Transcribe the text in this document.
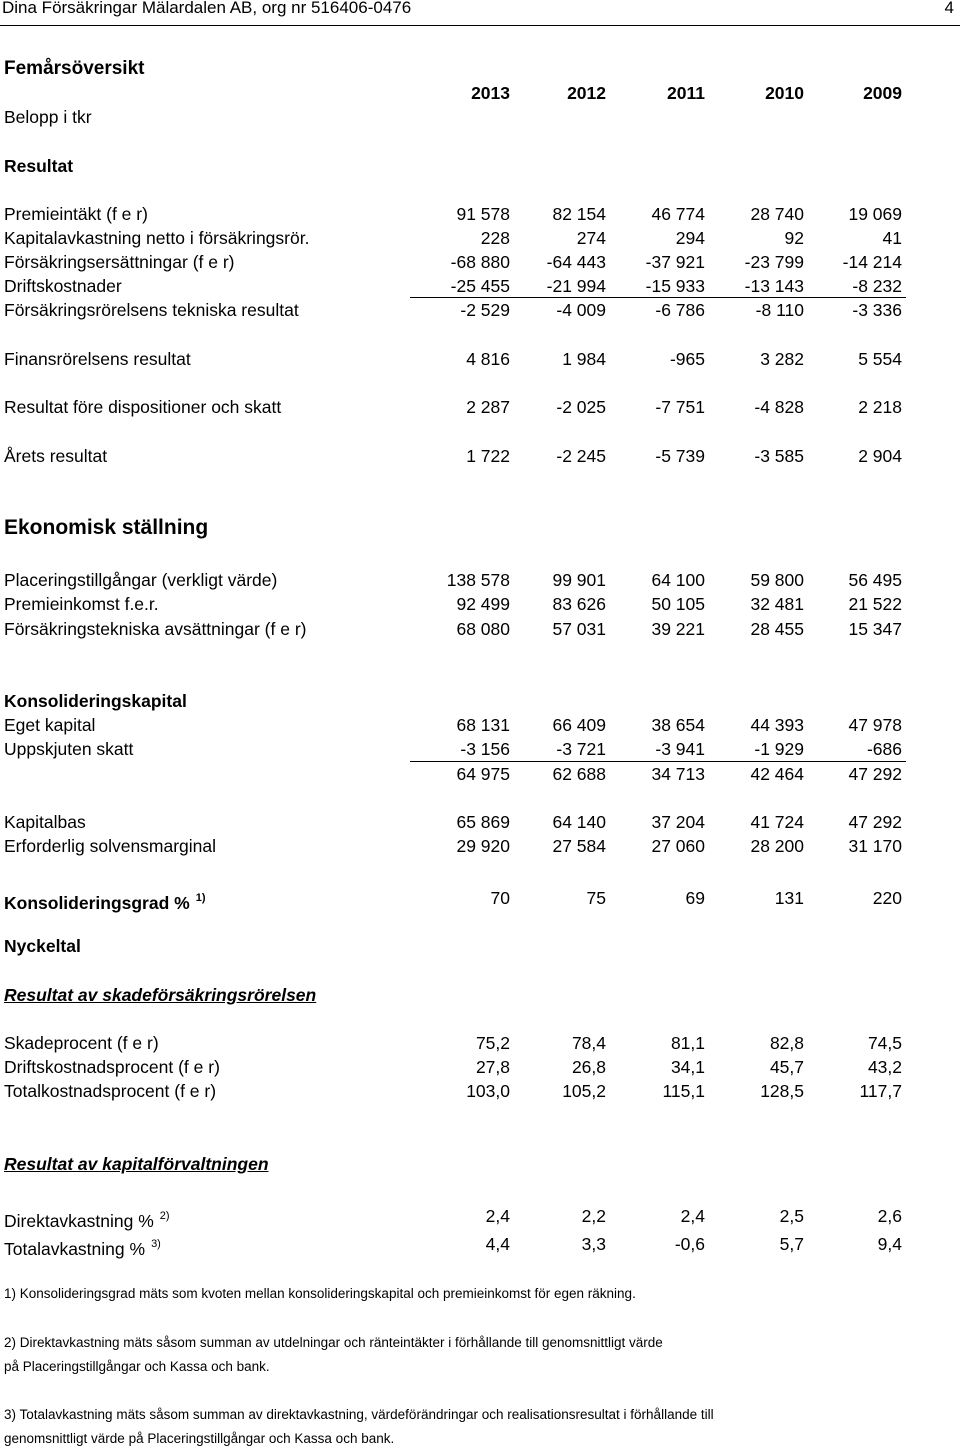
Dina Försäkringar Mälardalen AB, org nr 516406-0476	4
Femårsöversikt
2013	2012	2011	2010	2009
Belopp i tkr
Resultat
Premieintäkt (f e r)	91 578	82 154	46 774	28 740	19 069
Kapitalavkastning netto i försäkringsrör.	228	274	294	92	41
Försäkringsersättningar (f e r)	-68 880	-64 443	-37 921	-23 799	-14 214
Driftskostnader	-25 455	-21 994	-15 933	-13 143	-8 232
Försäkringsrörelsens tekniska resultat	-2 529	-4 009	-6 786	-8 110	-3 336
Finansrörelsens resultat	4 816	1 984	-965	3 282	5 554
Resultat före dispositioner och skatt	2 287	-2 025	-7 751	-4 828	2 218
Årets resultat	1 722	-2 245	-5 739	-3 585	2 904
Ekonomisk ställning
Placeringstillgångar (verkligt värde)	138 578	99 901	64 100	59 800	56 495
Premieinkomst f.e.r.	92 499	83 626	50 105	32 481	21 522
Försäkringstekniska avsättningar (f e r)	68 080	57 031	39 221	28 455	15 347
Konsolideringskapital
Eget kapital	68 131	66 409	38 654	44 393	47 978
Uppskjuten skatt	-3 156	-3 721	-3 941	-1 929	-686
64 975	62 688	34 713	42 464	47 292
Kapitalbas	65 869	64 140	37 204	41 724	47 292
Erforderlig solvensmarginal	29 920	27 584	27 060	28 200	31 170
Konsolideringsgrad % $^{1)}$	70	75	69	131	220
Nyckeltal
Resultat av skadeförsäkringsrörelsen
Skadeprocent (f e r)	75,2	78,4	81,1	82,8	74,5
Driftskostnadsprocent (f e r)	27,8	26,8	34,1	45,7	43,2
Totalkostnadsprocent (f e r)	103,0	105,2	115,1	128,5	117,7
Resultat av kapitalförvaltningen
Direktavkastning % $^{2)}$	2,4	2,2	2,4	2,5	2,6
Totalavkastning % $^{3)}$	4,4	3,3	-0,6	5,7	9,4
1) Konsolideringsgrad mäts som kvoten mellan konsolideringskapital och premieinkomst för egen räkning.
2) Direktavkastning mäts såsom summan av utdelningar och ränteintäkter i förhållande till genomsnittligt värde
på Placeringstillgångar och Kassa och bank.
3) Totalavkastning mäts såsom summan av direktavkastning, värdeförändringar och realisationsresultat i förhållande till
genomsnittligt värde på Placeringstillgångar och Kassa och bank.
